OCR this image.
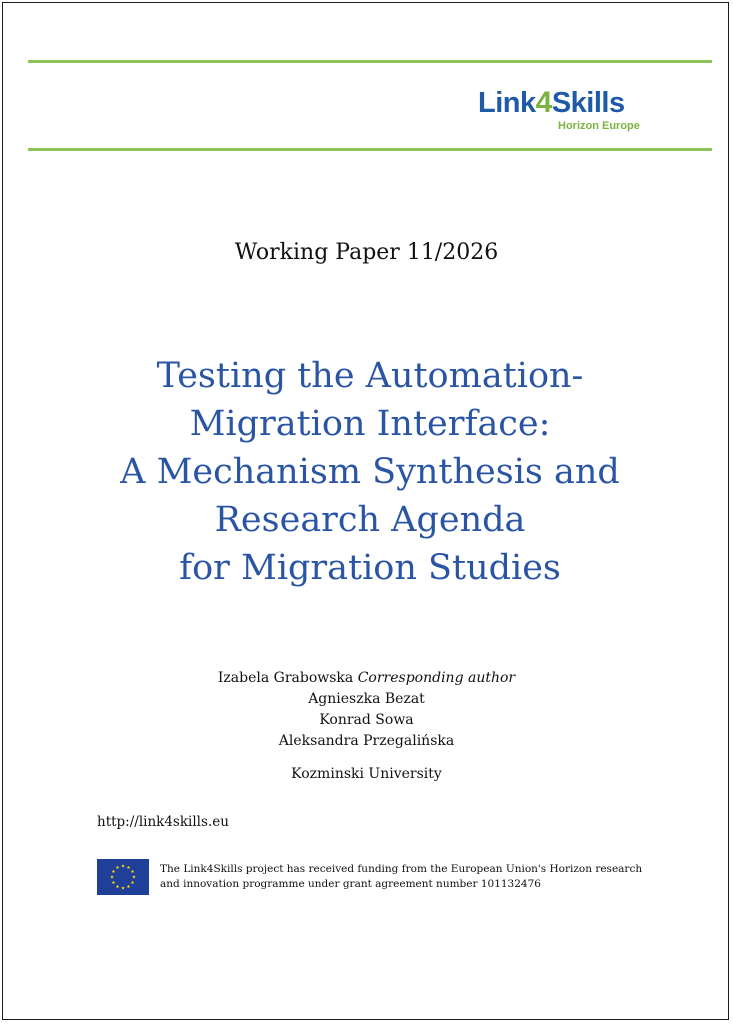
Link4Skills
Horizon Europe
Working Paper 11/2026
Testing the Automation-
Migration Interface:
A Mechanism Synthesis and
Research Agenda
for Migration Studies
Izabela Grabowska Corresponding author
Agnieszka Bezat
Konrad Sowa
Aleksandra Przegalińska
Kozminski University
http://link4skills.eu
The Link4Skills project has received funding from the European Union's Horizon research
and innovation programme under grant agreement number 101132476
